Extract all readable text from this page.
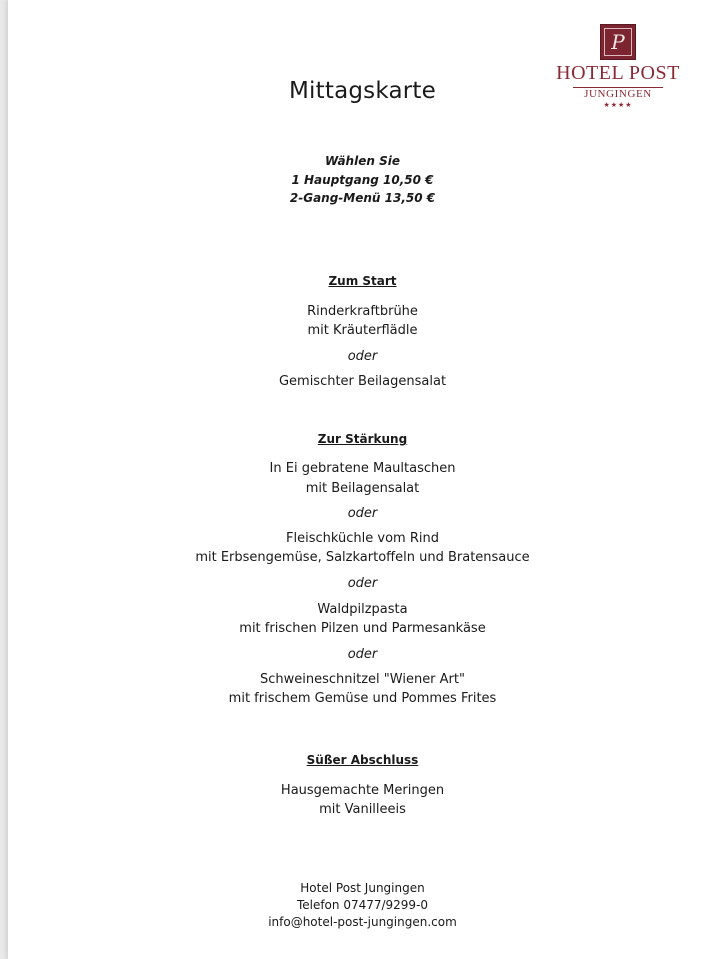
P
HOTEL POST
JUNGINGEN
★★★★
Mittagskarte
Wählen Sie
1 Hauptgang 10,50 €
2-Gang-Menü 13,50 €
Zum Start
Rinderkraftbrühe
mit Kräuterflädle
oder
Gemischter Beilagensalat
Zur Stärkung
In Ei gebratene Maultaschen
mit Beilagensalat
oder
Fleischküchle vom Rind
mit Erbsengemüse, Salzkartoffeln und Bratensauce
oder
Waldpilzpasta
mit frischen Pilzen und Parmesankäse
oder
Schweineschnitzel "Wiener Art"
mit frischem Gemüse und Pommes Frites
Süßer Abschluss
Hausgemachte Meringen
mit Vanilleeis
Hotel Post Jungingen
Telefon 07477/9299-0
info@hotel-post-jungingen.com
